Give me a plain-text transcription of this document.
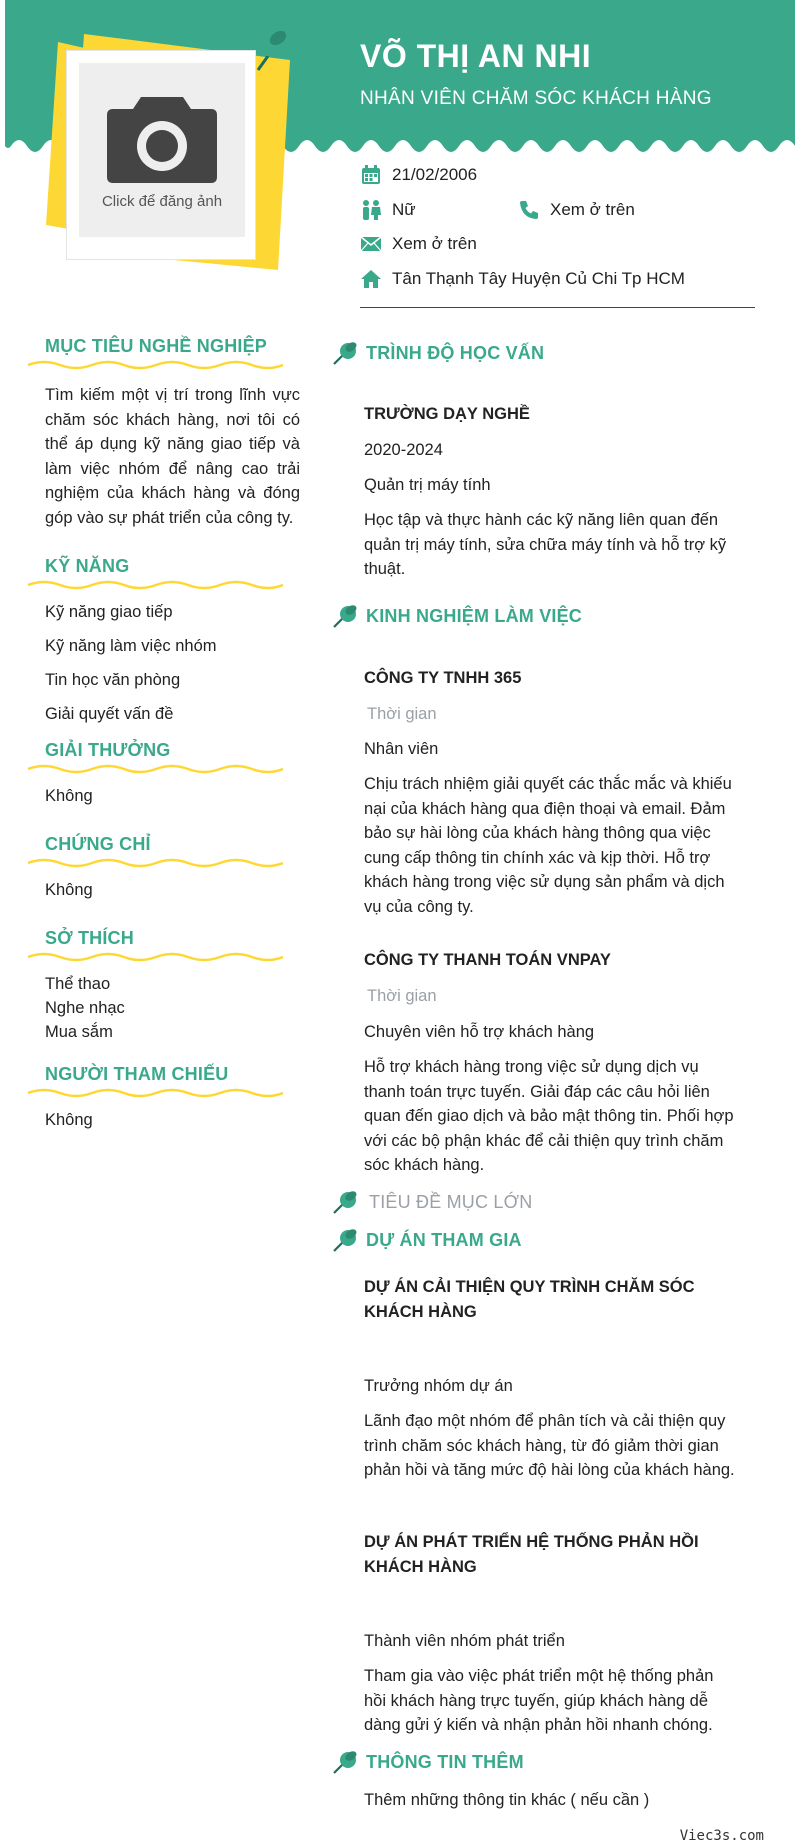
VÕ THỊ AN NHI
NHÂN VIÊN CHĂM SÓC KHÁCH HÀNG
Click để đăng ảnh
21/02/2006
Nữ	Xem ở trên
Xem ở trên
Tân Thạnh Tây Huyện Củ Chi Tp HCM
MỤC TIÊU NGHỀ NGHIỆP
Tìm kiếm một vị trí trong lĩnh vực chăm sóc khách hàng, nơi tôi có thể áp dụng kỹ năng giao tiếp và làm việc nhóm để nâng cao trải nghiệm của khách hàng và đóng góp vào sự phát triển của công ty.
KỸ NĂNG
Kỹ năng giao tiếp
Kỹ năng làm việc nhóm
Tin học văn phòng
Giải quyết vấn đề
GIẢI THƯỞNG
Không
CHỨNG CHỈ
Không
SỞ THÍCH
Thể thao
Nghe nhạc
Mua sắm
NGƯỜI THAM CHIẾU
Không
TRÌNH ĐỘ HỌC VẤN
TRƯỜNG DẠY NGHỀ
2020-2024
Quản trị máy tính
Học tập và thực hành các kỹ năng liên quan đến quản trị máy tính, sửa chữa máy tính và hỗ trợ kỹ thuật.
KINH NGHIỆM LÀM VIỆC
CÔNG TY TNHH 365
Thời gian
Nhân viên
Chịu trách nhiệm giải quyết các thắc mắc và khiếu nại của khách hàng qua điện thoại và email. Đảm bảo sự hài lòng của khách hàng thông qua việc cung cấp thông tin chính xác và kịp thời. Hỗ trợ khách hàng trong việc sử dụng sản phẩm và dịch vụ của công ty.
CÔNG TY THANH TOÁN VNPAY
Thời gian
Chuyên viên hỗ trợ khách hàng
Hỗ trợ khách hàng trong việc sử dụng dịch vụ thanh toán trực tuyến. Giải đáp các câu hỏi liên quan đến giao dịch và bảo mật thông tin. Phối hợp với các bộ phận khác để cải thiện quy trình chăm sóc khách hàng.
TIÊU ĐỀ MỤC LỚN
DỰ ÁN THAM GIA
DỰ ÁN CẢI THIỆN QUY TRÌNH CHĂM SÓC KHÁCH HÀNG
Trưởng nhóm dự án
Lãnh đạo một nhóm để phân tích và cải thiện quy trình chăm sóc khách hàng, từ đó giảm thời gian phản hồi và tăng mức độ hài lòng của khách hàng.
DỰ ÁN PHÁT TRIỂN HỆ THỐNG PHẢN HỒI KHÁCH HÀNG
Thành viên nhóm phát triển
Tham gia vào việc phát triển một hệ thống phản hồi khách hàng trực tuyến, giúp khách hàng dễ dàng gửi ý kiến và nhận phản hồi nhanh chóng.
THÔNG TIN THÊM
Thêm những thông tin khác ( nếu cần )
Viec3s.com
